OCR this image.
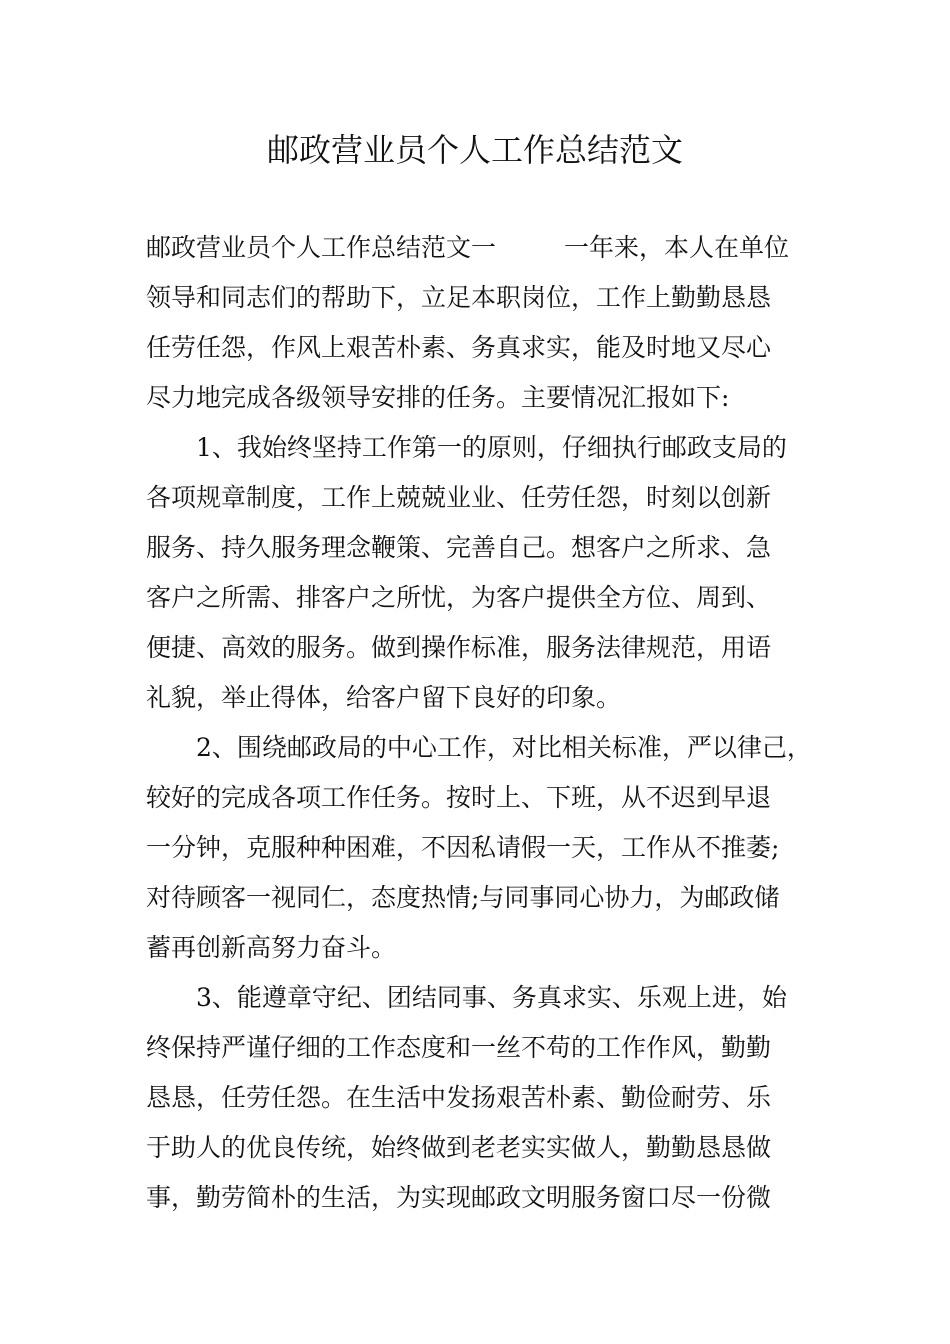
邮政营业员个人工作总结范文

邮政营业员个人工作总结范文一	一年来，本人在单位

领导和同志们的帮助下，立足本职岗位，工作上勤勤恳恳

任劳任怨，作风上艰苦朴素、务真求实，能及时地又尽心

尽力地完成各级领导安排的任务。主要情况汇报如下:

1、我始终坚持工作第一的原则，仔细执行邮政支局的

各项规章制度，工作上兢兢业业、任劳任怨，时刻以创新

服务、持久服务理念鞭策、完善自己。想客户之所求、急

客户之所需、排客户之所忧，为客户提供全方位、周到、

便捷、高效的服务。做到操作标准，服务法律规范，用语

礼貌，举止得体，给客户留下良好的印象。

2、围绕邮政局的中心工作，对比相关标准，严以律己，

较好的完成各项工作任务。按时上、下班，从不迟到早退

一分钟，克服种种困难，不因私请假一天，工作从不推萎;

对待顾客一视同仁，态度热情;与同事同心协力，为邮政储

蓄再创新高努力奋斗。

3、能遵章守纪、团结同事、务真求实、乐观上进，始

终保持严谨仔细的工作态度和一丝不苟的工作作风，勤勤

恳恳，任劳任怨。在生活中发扬艰苦朴素、勤俭耐劳、乐

于助人的优良传统，始终做到老老实实做人，勤勤恳恳做

事，勤劳简朴的生活，为实现邮政文明服务窗口尽一份微
